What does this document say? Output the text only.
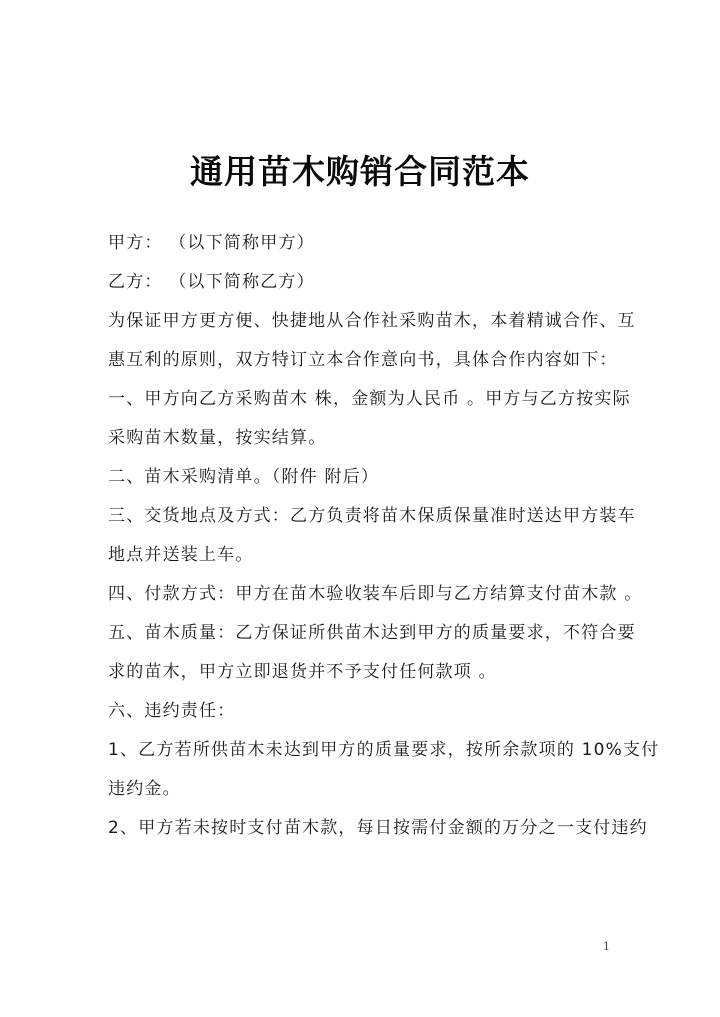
通用苗木购销合同范本
甲方： （以下简称甲方）
乙方： （以下简称乙方）
为保证甲方更方便、快捷地从合作社采购苗木，本着精诚合作、互
惠互利的原则，双方特订立本合作意向书，具体合作内容如下：
一、甲方向乙方采购苗木 株，金额为人民币 。甲方与乙方按实际
采购苗木数量，按实结算。
二、苗木采购清单。（附件 附后）
三、交货地点及方式：乙方负责将苗木保质保量准时送达甲方装车
地点并送装上车。
四、付款方式：甲方在苗木验收装车后即与乙方结算支付苗木款 。
五、苗木质量：乙方保证所供苗木达到甲方的质量要求，不符合要
求的苗木，甲方立即退货并不予支付任何款项 。
六、违约责任：
1、乙方若所供苗木未达到甲方的质量要求，按所余款项的 10%支付
违约金。
2、甲方若未按时支付苗木款，每日按需付金额的万分之一支付违约
1
